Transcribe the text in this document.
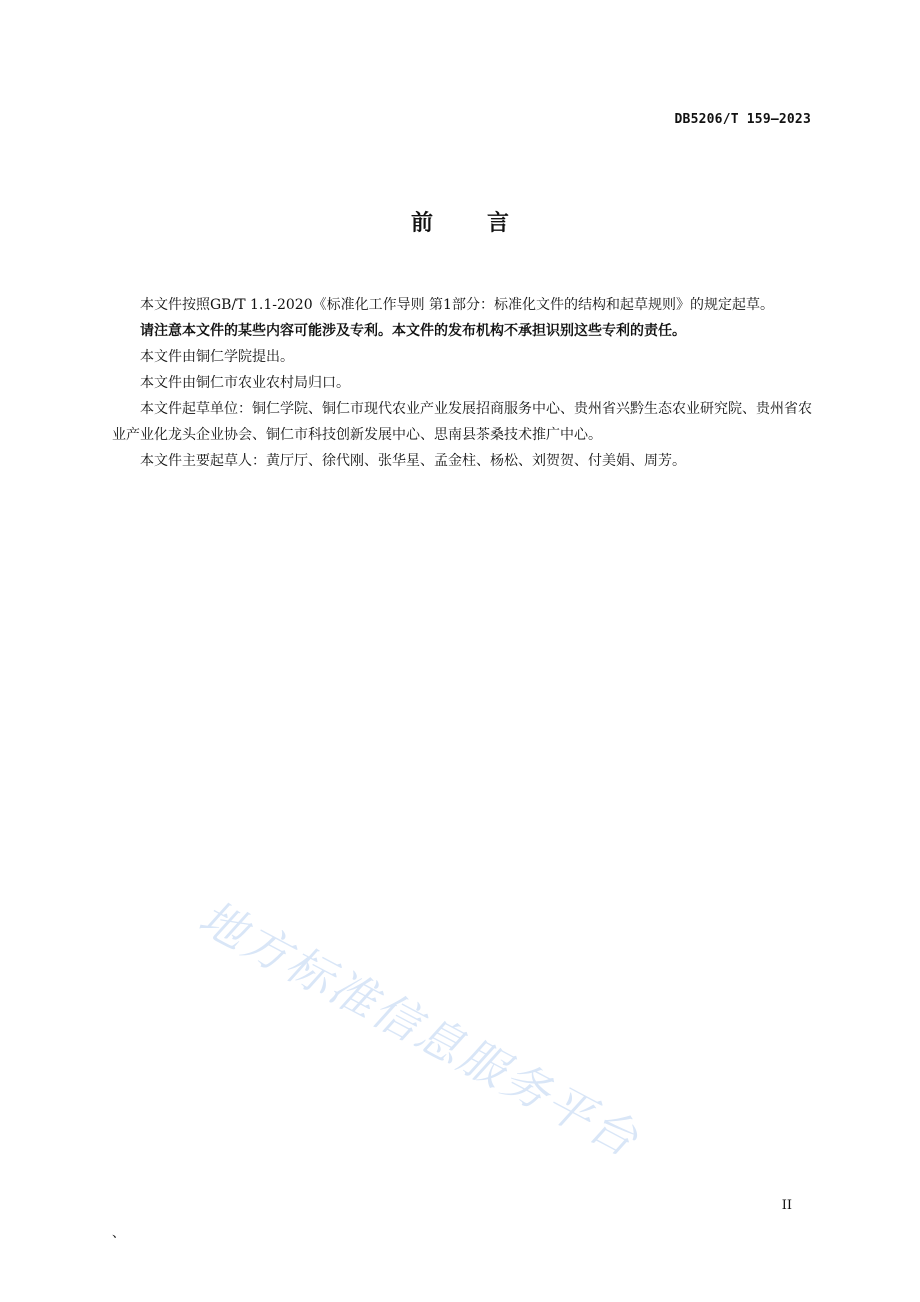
DB5206/T 159—2023
前 言

本文件按照GB/T 1.1-2020《标准化工作导则 第1部分：标准化文件的结构和起草规则》的规定起草。

请注意本文件的某些内容可能涉及专利。本文件的发布机构不承担识别这些专利的责任。

本文件由铜仁学院提出。

本文件由铜仁市农业农村局归口。

本文件起草单位：铜仁学院、铜仁市现代农业产业发展招商服务中心、贵州省兴黔生态农业研究院、贵州省农业产业化龙头企业协会、铜仁市科技创新发展中心、思南县茶桑技术推广中心。

本文件主要起草人：黄厅厅、徐代刚、张华星、孟金柱、杨松、刘贺贺、付美娟、周芳。

地方标准信息服务平台
II
、
